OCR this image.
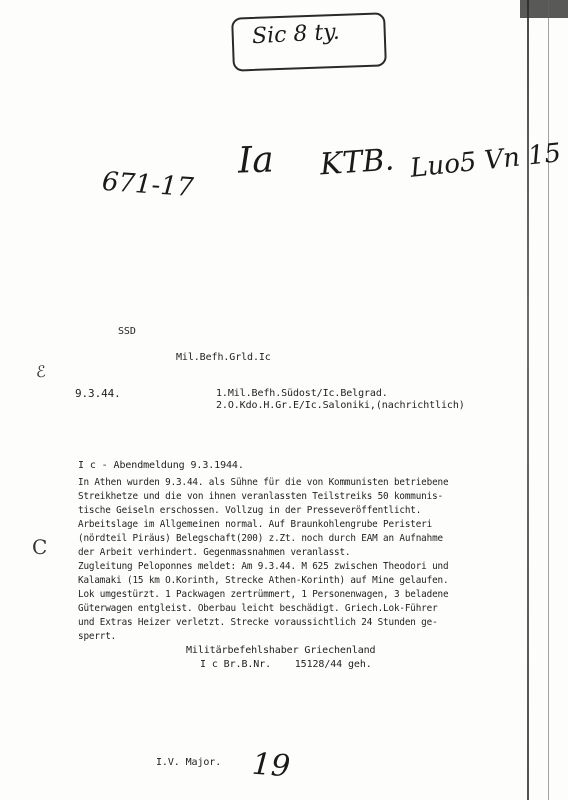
Sic 8 ty.
Ia KTB. Luo5 Vn 15
671-17
ℰ
C
SSD
Mil.Befh.Grld.Ic
9.3.44.	1.Mil.Befh.Südost/Ic.Belgrad.
2.O.Kdo.H.Gr.E/Ic.Saloniki,(nachrichtlich)
I c - Abendmeldung 9.3.1944.
In Athen wurden 9.3.44. als Sühne für die von Kommunisten betriebene
Streikhetze und die von ihnen veranlassten Teilstreiks 50 kommunis-
tische Geiseln erschossen. Vollzug in der Presseveröffentlicht.
Arbeitslage im Allgemeinen normal. Auf Braunkohlengrube Peristeri
(nördteil Piräus) Belegschaft(200) z.Zt. noch durch EAM an Aufnahme
der Arbeit verhindert. Gegenmassnahmen veranlasst.
Zugleitung Peloponnes meldet: Am 9.3.44. M 625 zwischen Theodori und
Kalamaki (15 km O.Korinth, Strecke Athen-Korinth) auf Mine gelaufen.
Lok umgestürzt. 1 Packwagen zertrümmert, 1 Personenwagen, 3 beladene
Güterwagen entgleist. Oberbau leicht beschädigt. Griech.Lok-Führer
und Extras Heizer verletzt. Strecke voraussichtlich 24 Stunden ge-
sperrt.
Militärbefehlshaber Griechenland
I c Br.B.Nr.    15128/44 geh.
I.V. Major. 19
